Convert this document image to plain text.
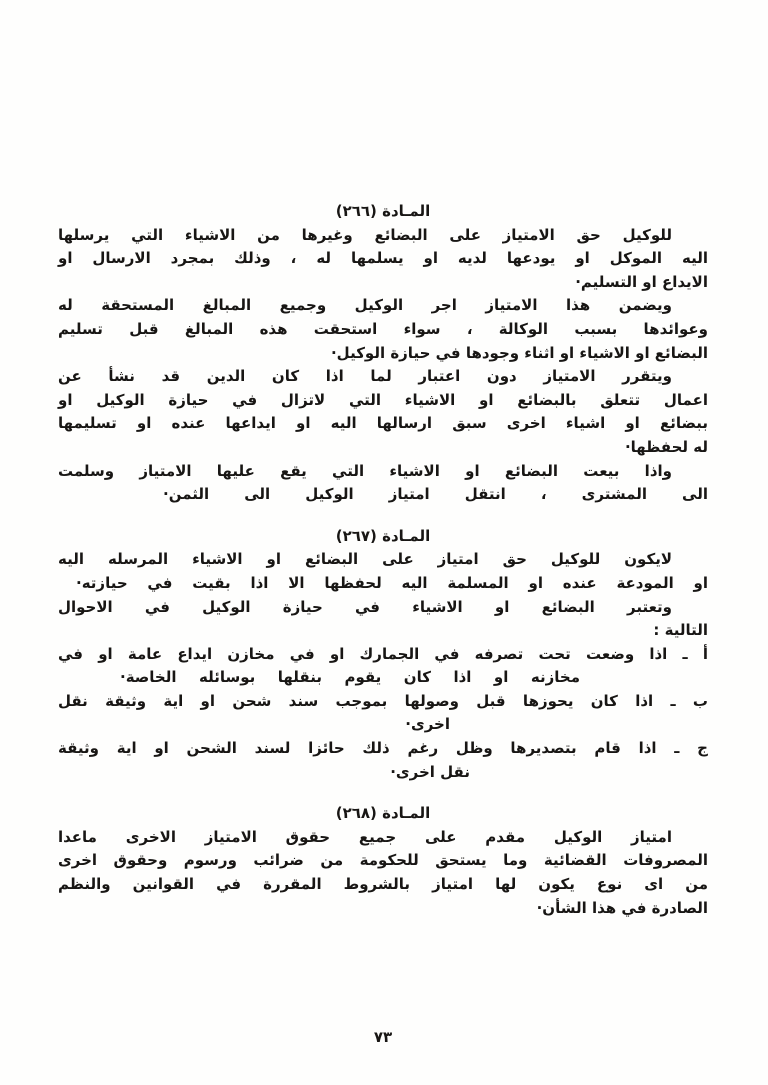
المـادة (٢٦٦)
للوكيل حق الامتياز على البضائع وغيرها من الاشياء التي يرسلها
اليه الموكل او يودعها لديه او يسلمها له ، وذلك بمجرد الارسال او
الايداع او التسليم·
ويضمن هذا الامتياز اجر الوكيل وجميع المبالغ المستحقة له
وعوائدها بسبب الوكالة ، سواء استحقت هذه المبالغ قبل تسليم
البضائع او الاشياء او اثناء وجودها في حيازة الوكيل·
ويتقرر الامتياز دون اعتبار لما اذا كان الدين قد نشأ عن
اعمال تتعلق بالبضائع او الاشياء التي لاتزال في حيازة الوكيل او
ببضائع او اشياء اخرى سبق ارسالها اليه او ايداعها عنده او تسليمها
له لحفظها·
واذا بيعت البضائع او الاشياء التي يقع عليها الامتياز وسلمت
الى المشترى ، انتقل امتياز الوكيل الى الثمن·
المـادة (٢٦٧)
لايكون للوكيل حق امتياز على البضائع او الاشياء المرسله اليه
او المودعة عنده او المسلمة اليه لحفظها الا اذا بقيت في حيازته·
وتعتبر البضائع او الاشياء في حيازة الوكيل في الاحوال
التالية :
أ ـ اذا وضعت تحت تصرفه في الجمارك او في مخازن ايداع عامة او في
مخازنه او اذا كان يقوم بنقلها بوسائله الخاصة·
ب ـ اذا كان يحوزها قبل وصولها بموجب سند شحن او اية وثيقة نقل
اخرى·
ج ـ اذا قام بتصديرها وظل رغم ذلك حائزا لسند الشحن او اية وثيقة
نقل اخرى·
المـادة (٢٦٨)
امتياز الوكيل مقدم على جميع حقوق الامتياز الاخرى ماعدا
المصروفات القضائية وما يستحق للحكومة من ضرائب ورسوم وحقوق اخرى
من اى نوع يكون لها امتياز بالشروط المقررة في القوانين والنظم
الصادرة في هذا الشأن·
٧٣
